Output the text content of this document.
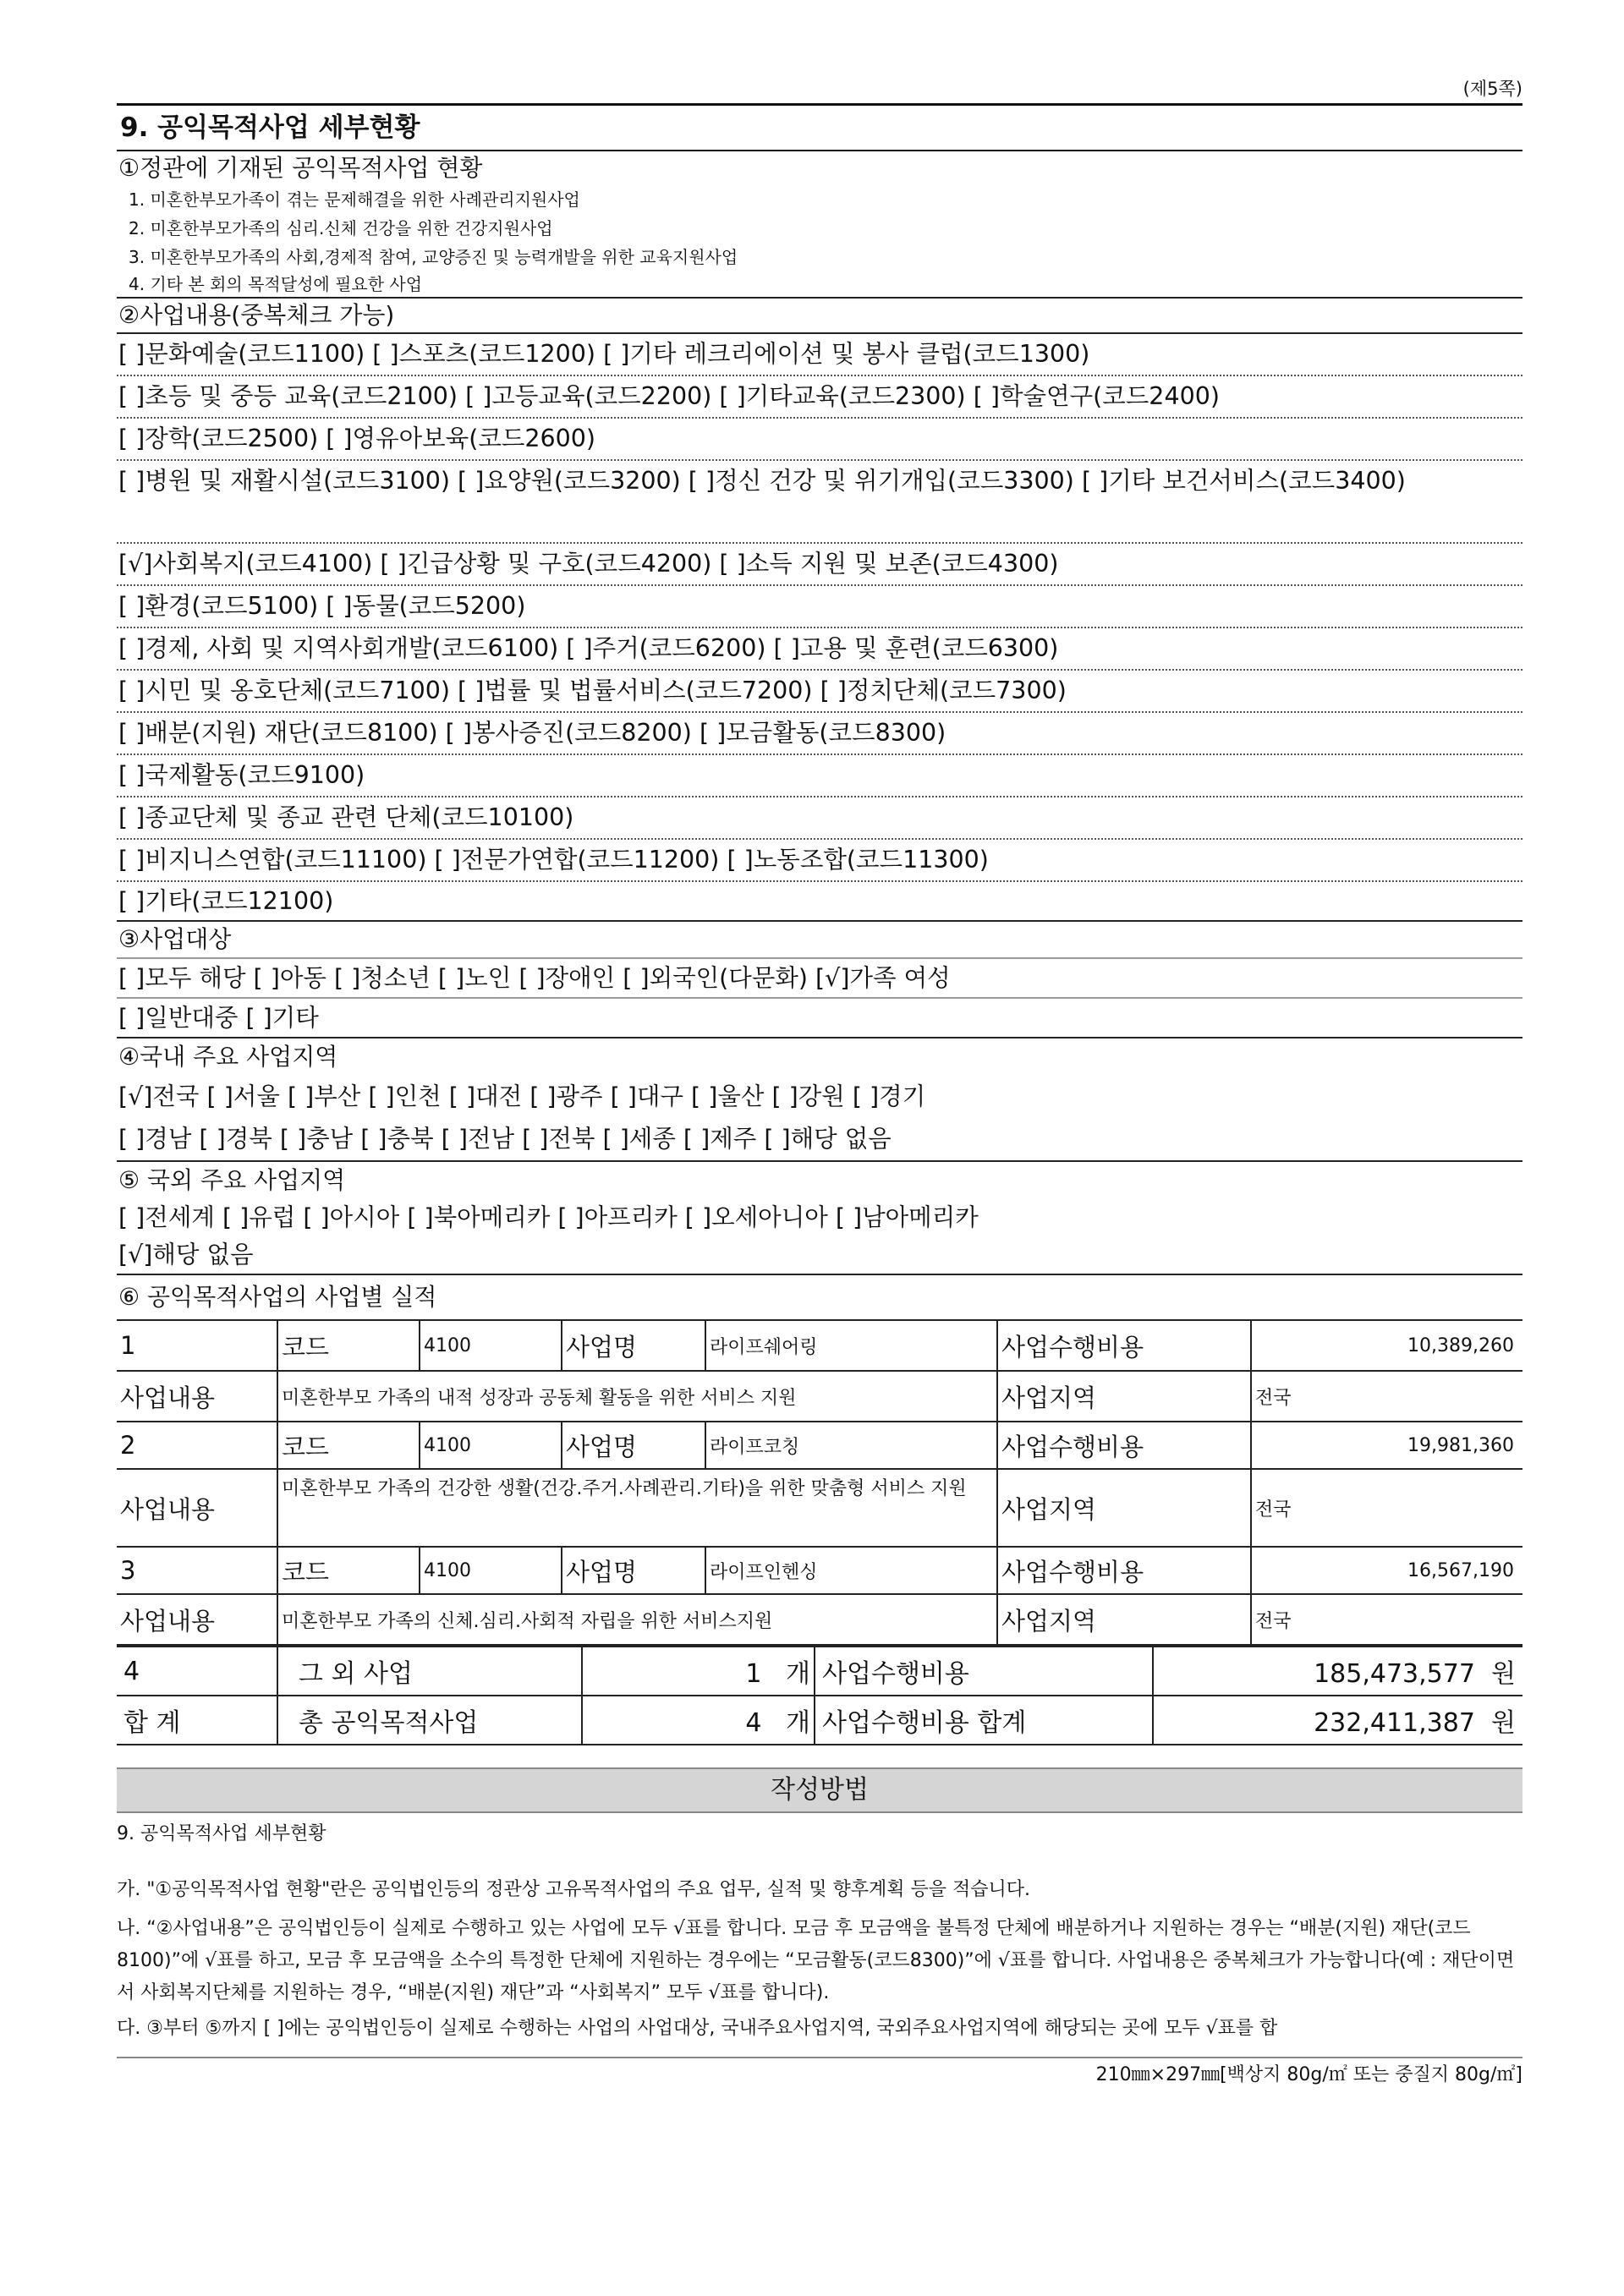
(제5쪽)
9. 공익목적사업 세부현황
①정관에 기재된 공익목적사업 현황
1. 미혼한부모가족이 겪는 문제해결을 위한 사례관리지원사업
2. 미혼한부모가족의 심리.신체 건강을 위한 건강지원사업
3. 미혼한부모가족의 사회,경제적 참여, 교양증진 및 능력개발을 위한 교육지원사업
4. 기타 본 회의 목적달성에 필요한 사업
②사업내용(중복체크 가능)
[ ]문화예술(코드1100) [ ]스포츠(코드1200) [ ]기타 레크리에이션 및 봉사 클럽(코드1300)
[ ]초등 및 중등 교육(코드2100) [ ]고등교육(코드2200) [ ]기타교육(코드2300) [ ]학술연구(코드2400)
[ ]장학(코드2500) [ ]영유아보육(코드2600)
[ ]병원 및 재활시설(코드3100) [ ]요양원(코드3200) [ ]정신 건강 및 위기개입(코드3300) [ ]기타 보건서비스(코드3400)
[√]사회복지(코드4100) [ ]긴급상황 및 구호(코드4200) [ ]소득 지원 및 보존(코드4300)
[ ]환경(코드5100) [ ]동물(코드5200)
[ ]경제, 사회 및 지역사회개발(코드6100) [ ]주거(코드6200) [ ]고용 및 훈련(코드6300)
[ ]시민 및 옹호단체(코드7100) [ ]법률 및 법률서비스(코드7200) [ ]정치단체(코드7300)
[ ]배분(지원) 재단(코드8100) [ ]봉사증진(코드8200) [ ]모금활동(코드8300)
[ ]국제활동(코드9100)
[ ]종교단체 및 종교 관련 단체(코드10100)
[ ]비지니스연합(코드11100) [ ]전문가연합(코드11200) [ ]노동조합(코드11300)
[ ]기타(코드12100)
③사업대상
[ ]모두 해당 [ ]아동 [ ]청소년 [ ]노인 [ ]장애인 [ ]외국인(다문화) [√]가족 여성
[ ]일반대중 [ ]기타
④국내 주요 사업지역
[√]전국 [ ]서울 [ ]부산 [ ]인천 [ ]대전 [ ]광주 [ ]대구 [ ]울산 [ ]강원 [ ]경기
[ ]경남 [ ]경북 [ ]충남 [ ]충북 [ ]전남 [ ]전북 [ ]세종 [ ]제주 [ ]해당 없음
⑤ 국외 주요 사업지역
[ ]전세계 [ ]유럽 [ ]아시아 [ ]북아메리카 [ ]아프리카 [ ]오세아니아 [ ]남아메리카
[√]해당 없음
⑥ 공익목적사업의 사업별 실적
1	코드	4100	사업명	라이프쉐어링	사업수행비용	10,389,260
사업내용	미혼한부모 가족의 내적 성장과 공동체 활동을 위한 서비스 지원				사업지역	전국
2	코드	4100	사업명	라이프코칭	사업수행비용	19,981,360
사업내용	미혼한부모 가족의 건강한 생활(건강.주거.사례관리.기타)을 위한 맞춤형 서비스 지원				사업지역	전국
3	코드	4100	사업명	라이프인헨싱	사업수행비용	16,567,190
사업내용	미혼한부모 가족의 신체.심리.사회적 자립을 위한 서비스지원				사업지역	전국
4	그 외 사업	1 개	사업수행비용	185,473,577 원
합 계	총 공익목적사업	4 개	사업수행비용 합계	232,411,387 원
작성방법
9. 공익목적사업 세부현황
가. "①공익목적사업 현황"란은 공익법인등의 정관상 고유목적사업의 주요 업무, 실적 및 향후계획 등을 적습니다.
나. “②사업내용”은 공익법인등이 실제로 수행하고 있는 사업에 모두 √표를 합니다. 모금 후 모금액을 불특정 단체에 배분하거나 지원하는 경우는 “배분(지원) 재단(코드8100)”에 √표를 하고, 모금 후 모금액을 소수의 특정한 단체에 지원하는 경우에는 “모금활동(코드8300)”에 √표를 합니다. 사업내용은 중복체크가 가능합니다(예 : 재단이면서 사회복지단체를 지원하는 경우, “배분(지원) 재단”과 “사회복지” 모두 √표를 합니다).
다. ③부터 ⑤까지 [ ]에는 공익법인등이 실제로 수행하는 사업의 사업대상, 국내주요사업지역, 국외주요사업지역에 해당되는 곳에 모두 √표를 합
210㎜×297㎜[백상지 80g/㎡ 또는 중질지 80g/㎡]
